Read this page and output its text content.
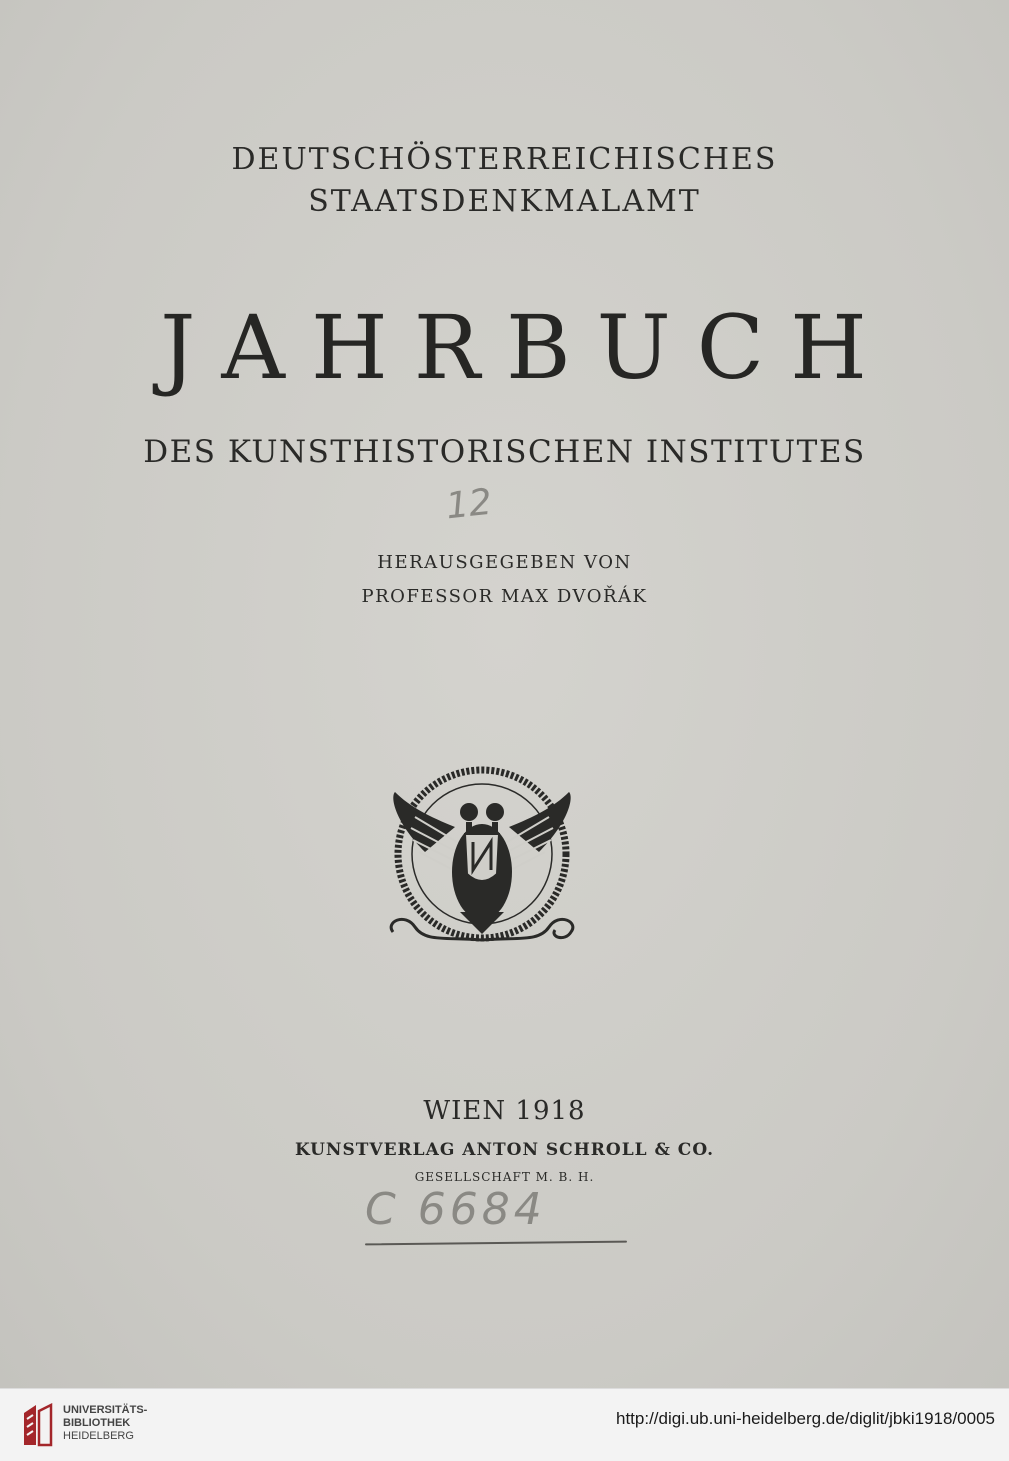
DEUTSCHÖSTERREICHISCHES

STAATSDENKMALAMT

JAHRBUCH

DES KUNSTHISTORISCHEN INSTITUTES

12

HERAUSGEGEBEN VON

PROFESSOR MAX DVOŘÁK

WIEN 1918

KUNSTVERLAG ANTON SCHROLL & CO.

GESELLSCHAFT M. B. H.

C 6684
UNIVERSITÄTS-
BIBLIOTHEK
HEIDELBERG
http://digi.ub.uni-heidelberg.de/diglit/jbki1918/0005
